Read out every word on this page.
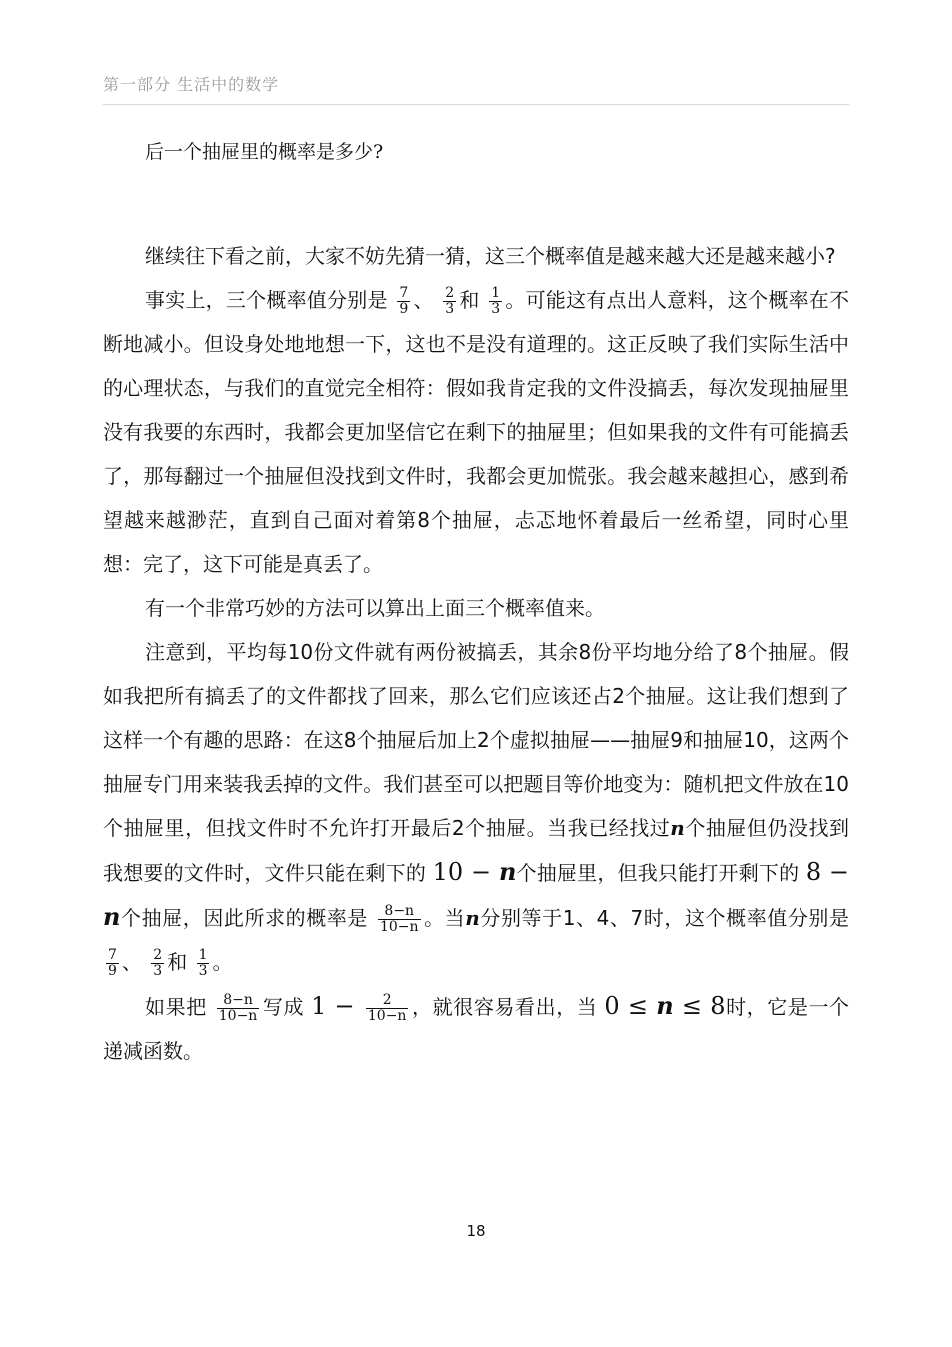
第一部分 生活中的数学

后一个抽屉里的概率是多少?

继续往下看之前，大家不妨先猜一猜，这三个概率值是越来越大还是越来越小?

事实上，三个概率值分别是 $\frac{7}{9}$ 、 $\frac{2}{3}$ 和 $\frac{1}{3}$ 。可能这有点出人意料，这个概率在不断地减小。但设身处地地想一下，这也不是没有道理的。这正反映了我们实际生活中的心理状态，与我们的直觉完全相符：假如我肯定我的文件没搞丢，每次发现抽屉里没有我要的东西时，我都会更加坚信它在剩下的抽屉里；但如果我的文件有可能搞丢了，那每翻过一个抽屉但没找到文件时，我都会更加慌张。我会越来越担心，感到希望越来越渺茫，直到自己面对着第8个抽屉，忐忑地怀着最后一丝希望，同时心里想：完了，这下可能是真丢了。

有一个非常巧妙的方法可以算出上面三个概率值来。

注意到，平均每10份文件就有两份被搞丢，其余8份平均地分给了8个抽屉。假如我把所有搞丢了的文件都找了回来，那么它们应该还占2个抽屉。这让我们想到了这样一个有趣的思路：在这8个抽屉后加上2个虚拟抽屉——抽屉9和抽屉10，这两个抽屉专门用来装我丢掉的文件。我们甚至可以把题目等价地变为：随机把文件放在10个抽屉里，但找文件时不允许打开最后2个抽屉。当我已经找过n个抽屉但仍没找到我想要的文件时，文件只能在剩下的 10 − n个抽屉里，但我只能打开剩下的 8 − n个抽屉，因此所求的概率是 $\frac{8-n}{10-n}$ 。当n分别等于1、4、7时，这个概率值分别是
$\frac{7}{9}$ 、 $\frac{2}{3}$ 和 $\frac{1}{3}$ 。

如果把 $\frac{8-n}{10-n}$ 写成 $1 - \frac{2}{10-n}$ ，就很容易看出，当 0 ≤ n ≤ 8时，它是一个递减函数。

18
